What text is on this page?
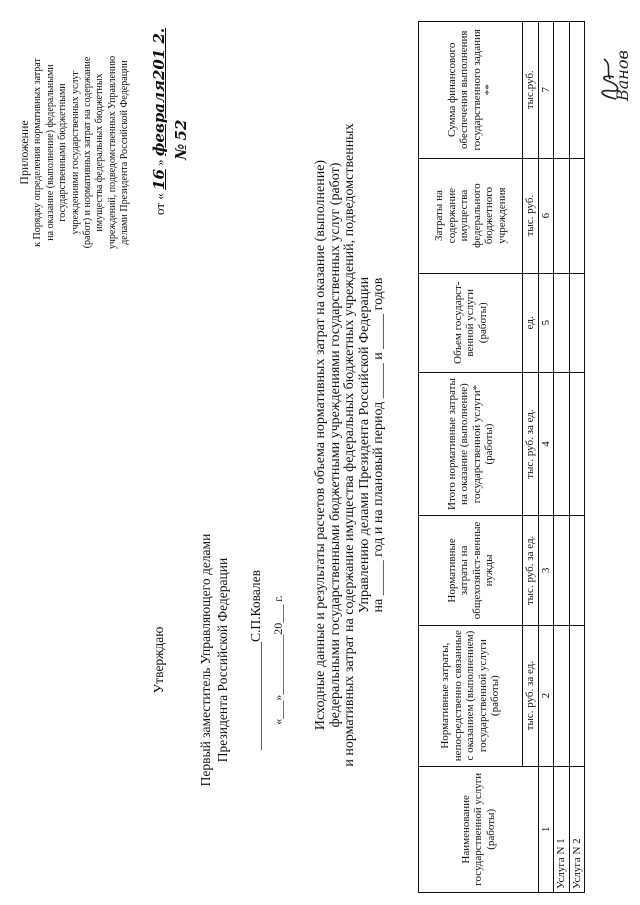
Приложение к Порядку определения нормативных затрат на оказание (выполнение) федеральными государственными бюджетными учреждениями государственных услуг (работ) и нормативных затрат на содержание имущества федеральных бюджетных учреждений, подведомственных Управлению делами Президента Российской Федерации от « 16 » февраля201 2. № 52
Утверждаю Первый заместитель Управляющего делами Президента Российской Федерации ________________С.П.Ковалев «___»__________20___ г. Исходные данные и результаты расчетов объема нормативных затрат на оказание (выполнение) федеральными государственными бюджетными учреждениями государственных услуг (работ) и нормативных затрат на содержание имущества федеральных бюджетных учреждений, подведомственных Управлению делами Президента Российской Федерации на _____ год и на плановый период _____ и _____ годов
Наименование государственной услуги (работы)	Нормативные затраты, непосредственно связанные с оказанием (выполнением) государственной услуги (работы)	Нормативные затраты на общехозяйст-венные нужды	Итого нормативные затраты на оказание (выполнение) государственной услуги* (работы)	Объем государст-венной услуги (работы)	Затраты на содержание имущества федерального бюджетного учреждения	Сумма финансового обеспечения выполнения государственного задания **
	тыс. руб. за ед.	тыс. руб. за ед.	тыс. руб. за ед.	ед.	тыс. руб.	тыс.руб.
1	2	3	4	5	6	7
Услуга N 1						
Услуга N 2						
Ванов
